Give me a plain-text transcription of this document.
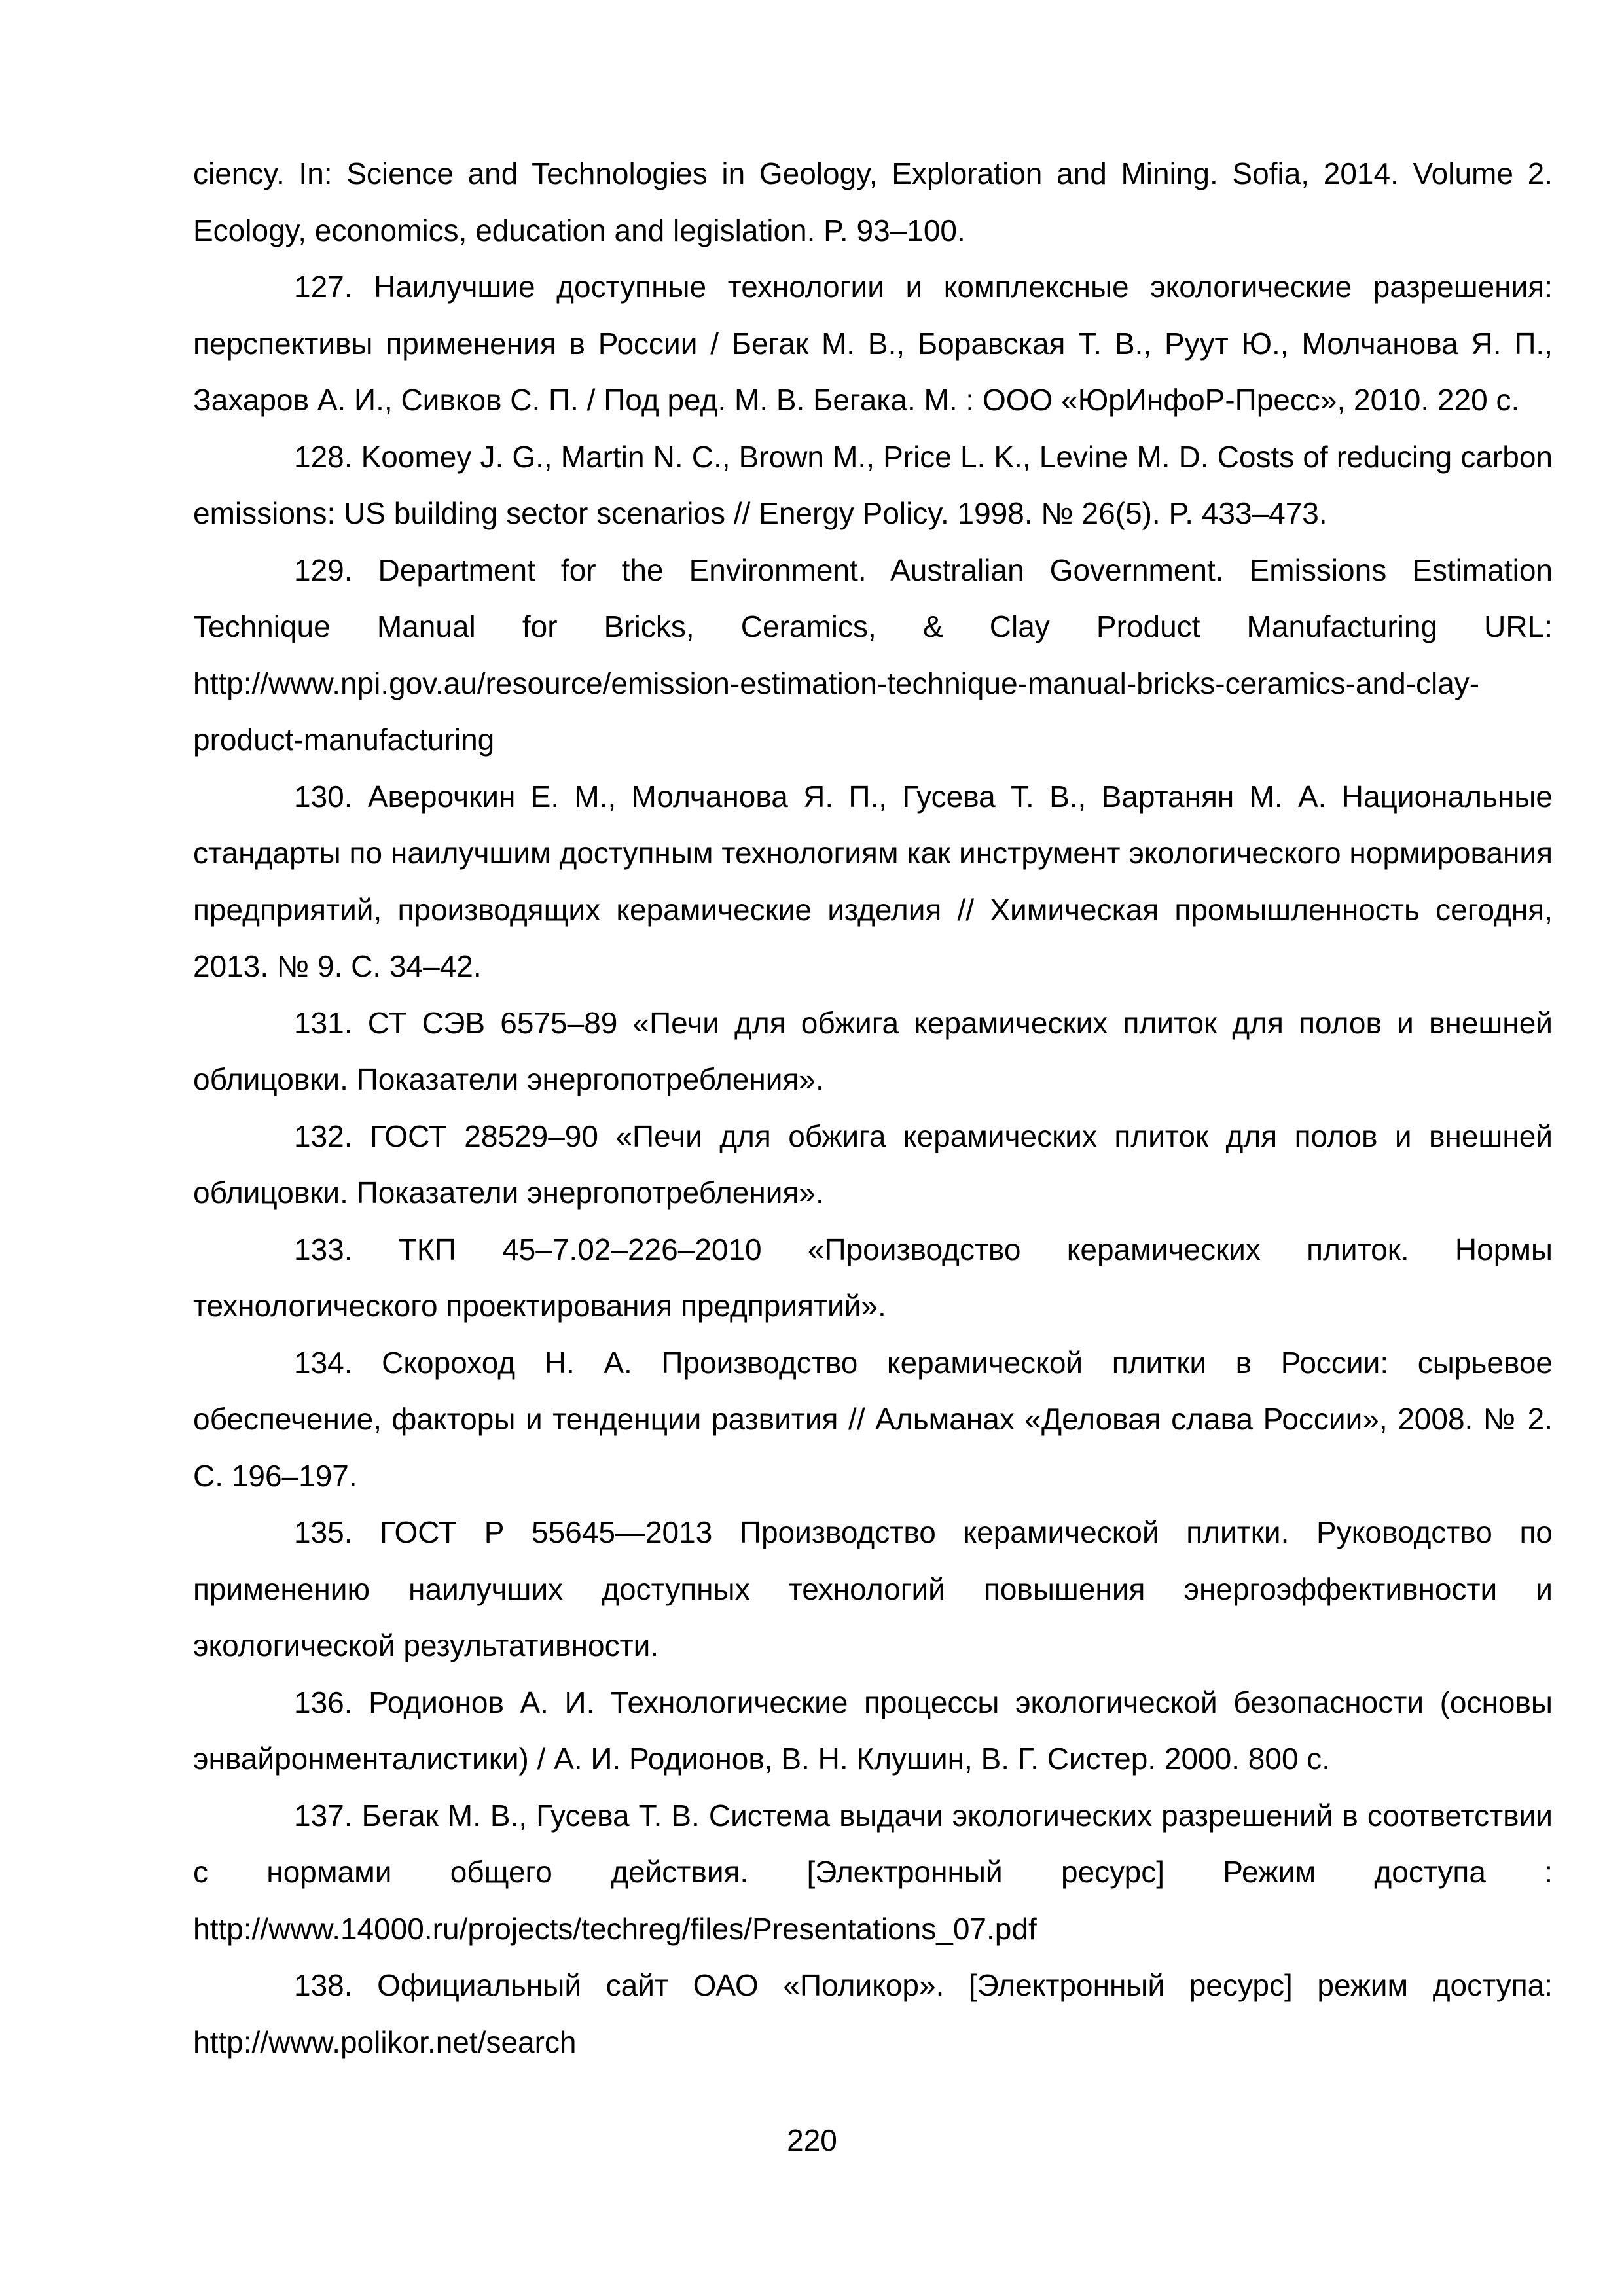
ciency. In: Science and Technologies in Geology, Exploration and Mining. Sofia, 2014. Volume 2. Ecology, economics, education and legislation. P. 93–100.

127. Наилучшие доступные технологии и комплексные экологические разрешения: перспективы применения в России / Бегак М. В., Боравская Т. В., Руут Ю., Молчанова Я. П., Захаров А. И., Сивков С. П. / Под ред. М. В. Бегака. М. : ООО «ЮрИнфоР-Пресс», 2010. 220 с.

128. Koomey J. G., Martin N. C., Brown M., Price L. K., Levine M. D. Costs of reducing carbon emissions: US building sector scenarios // Energy Policy. 1998. № 26(5). P. 433–473.

129. Department for the Environment. Australian Government. Emissions Estimation Technique Manual for Bricks, Ceramics, & Clay Product Manufacturing URL: http://www.npi.gov.au/resource/emission-estimation-technique-manual-bricks-ceramics-and-clay-product-manufacturing

130. Аверочкин Е. М., Молчанова Я. П., Гусева Т. В., Вартанян М. А. Национальные стандарты по наилучшим доступным технологиям как инструмент экологического нормирования предприятий, производящих керамические изделия // Химическая промышленность сегодня, 2013. № 9. С. 34–42.

131. СТ СЭВ 6575–89 «Печи для обжига керамических плиток для полов и внешней облицовки. Показатели энергопотребления».

132. ГОСТ 28529–90 «Печи для обжига керамических плиток для полов и внешней облицовки. Показатели энергопотребления».

133. ТКП 45–7.02–226–2010 «Производство керамических плиток. Нормы технологического проектирования предприятий».

134. Скороход Н. А. Производство керамической плитки в России: сырьевое обеспечение, факторы и тенденции развития // Альманах «Деловая слава России», 2008. № 2. С. 196–197.

135. ГОСТ Р 55645—2013 Производство керамической плитки. Руководство по применению наилучших доступных технологий повышения энергоэффективности и экологической результативности.

136. Родионов А. И. Технологические процессы экологической безопасности (основы энвайронменталистики) / А. И. Родионов, В. Н. Клушин, В. Г. Систер. 2000. 800 с.

137. Бегак М. В., Гусева Т. В. Система выдачи экологических разрешений в соответствии с нормами общего действия. [Электронный ресурс] Режим доступа : http://www.14000.ru/projects/techreg/files/Presentations_07.pdf

138. Официальный сайт ОАО «Поликор». [Электронный ресурс] режим доступа: http://www.polikor.net/search

220
